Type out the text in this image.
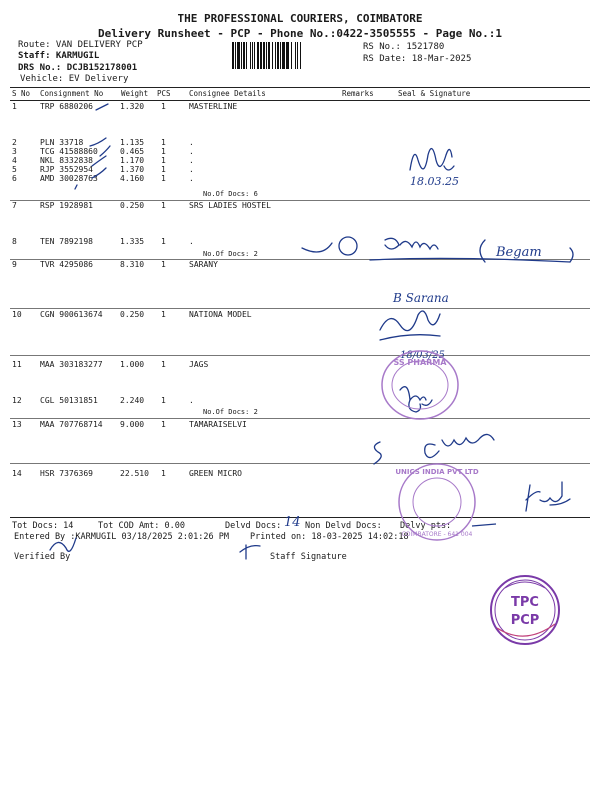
THE PROFESSIONAL COURIERS, COIMBATORE
Delivery Runsheet - PCP - Phone No.:0422-3505555 - Page No.:1
Route: VAN DELIVERY PCP
Staff: KARMUGIL
DRS No.: DCJB152178001
Vehicle: EV Delivery
RS No.: 1521780
RS Date: 18-Mar-2025
S No Consignment No Weight PCS Consignee Details	Remarks	Seal & Signature
1	TRP 6880206	1.320 1	MASTERLINE
2	PLN 33718	1.135 1	.
3	TCG 41588860	0.465 1	.
4	NKL 8332838	1.170 1	.
5	RJP 3552954	1.370 1	.
6	AMD 30028763	4.160 1	.
7	RSP 1928981	0.250 1	SRS LADIES HOSTEL
8	TEN 7892198	1.335 1	.
9	TVR 4295086	8.310 1	SARANY
10 CGN 900613674 0.250 1	NATIONA MODEL
11 MAA 303183277 1.000 1	JAGS
12 CGL 50131851	2.240 1	.
13 MAA 707768714 9.000 1	TAMARAISELVI
14 HSR 7376369	22.510 1	GREEN MICRO
No.Of Docs: 6
No.Of Docs: 2
No.Of Docs: 2
Tot Docs: 14	Tot COD Amt: 0.00	Delvd Docs:	Non Delvd Docs: Delvy pts:
Entered By :KARMUGIL 03/18/2025 2:01:26 PM Printed on: 18-03-2025 14:02:18
Verified By	Staff Signature
14
18.03.25
Begam
B Sarana
18/03/25
SS PHARMA
UNICS INDIA PVT LTD
COIMBATORE - 641 004
TPC
PCP
